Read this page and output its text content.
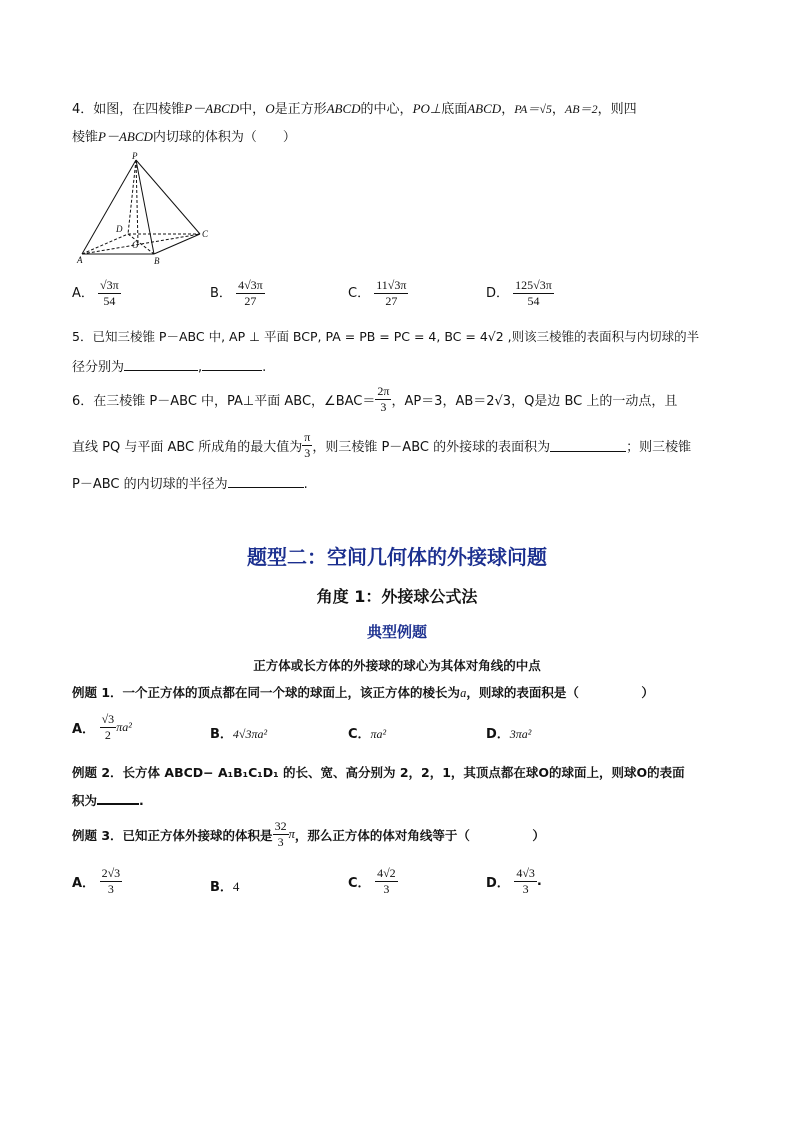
4．如图，在四棱锥P－ABCD中，O是正方形ABCD的中心，PO⊥底面ABCD，PA＝√5，AB＝2，则四
棱锥P－ABCD内切球的体积为（　　）
P
D
O
C
A	B
A． $\frac{√3\pi}{54}$	B． $\frac{4√3\pi}{27}$	C． $\frac{11√3\pi}{27}$	D． $\frac{125√3\pi}{54}$
5．已知三棱锥 P－ABC 中, AP ⊥ 平面 BCP, PA = PB = PC = 4, BC = 4√2 ,则该三棱锥的表面积与内切球的半
径分别为	,	.
6．在三棱锥 P－ABC 中，PA⊥平面 ABC，∠BAC＝ $\frac{2\pi}{3}$ ，AP＝3，AB＝2√3，Q是边 BC 上的一动点，且
直线 PQ 与平面 ABC 所成角的最大值为 $\frac{\pi}{3}$ ，则三棱锥 P－ABC 的外接球的表面积为	；则三棱锥
P－ABC 的内切球的半径为	.
题型二：空间几何体的外接球问题
角度 1：外接球公式法
典型例题
正方体或长方体的外接球的球心为其体对角线的中点
例题 1．一个正方体的顶点都在同一个球的球面上，该正方体的棱长为a，则球的表面积是（　　　　　）
A． $\frac{√3}{2} \pi a^2$	B．4√3πa²	C．πa²	D．3πa²
例题 2．长方体 ABCD− A₁B₁C₁D₁ 的长、宽、高分别为 2，2，1，其顶点都在球O的球面上，则球O的表面
积为	.
例题 3．已知正方体外接球的体积是 $\frac{32}{3}$ π，那么正方体的体对角线等于（　　　　　）
A． $\frac{2√3}{3}$	B．4	C． $\frac{4√2}{3}$	D． $\frac{4√3}{3}$ .
